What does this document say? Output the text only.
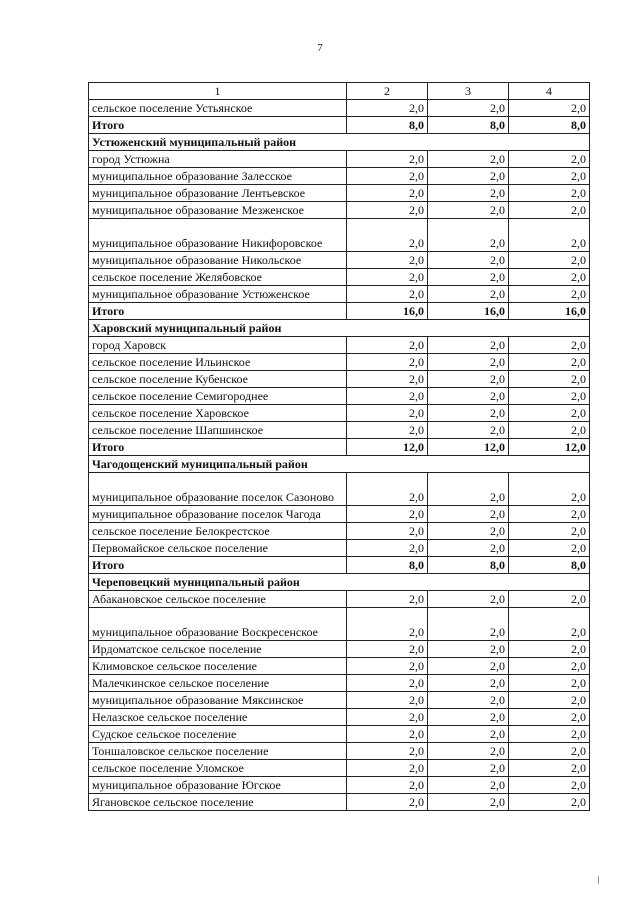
7
1	2	3	4
сельское поселение Устьянское	2,0	2,0	2,0
Итого	8,0	8,0	8,0
Устюженский муниципальный район			
город Устюжна	2,0	2,0	2,0
муниципальное образование Залесское	2,0	2,0	2,0
муниципальное образование Лентьевское	2,0	2,0	2,0
муниципальное образование Мезженское	2,0	2,0	2,0
муниципальное образование Никифоровское	2,0	2,0	2,0
муниципальное образование Никольское	2,0	2,0	2,0
сельское поселение Желябовское	2,0	2,0	2,0
муниципальное образование Устюженское	2,0	2,0	2,0
Итого	16,0	16,0	16,0
Харовский муниципальный район			
город Харовск	2,0	2,0	2,0
сельское поселение Ильинское	2,0	2,0	2,0
сельское поселение Кубенское	2,0	2,0	2,0
сельское поселение Семигороднее	2,0	2,0	2,0
сельское поселение Харовское	2,0	2,0	2,0
сельское поселение Шапшинское	2,0	2,0	2,0
Итого	12,0	12,0	12,0
Чагодощенский муниципальный район			
муниципальное образование поселок Сазоново	2,0	2,0	2,0
муниципальное образование поселок Чагода	2,0	2,0	2,0
сельское поселение Белокрестское	2,0	2,0	2,0
Первомайское сельское поселение	2,0	2,0	2,0
Итого	8,0	8,0	8,0
Череповецкий муниципальный район			
Абакановское сельское поселение	2,0	2,0	2,0
муниципальное образование Воскресенское	2,0	2,0	2,0
Ирдоматское сельское поселение	2,0	2,0	2,0
Климовское сельское поселение	2,0	2,0	2,0
Малечкинское сельское поселение	2,0	2,0	2,0
муниципальное образование Мяксинское	2,0	2,0	2,0
Нелазское сельское поселение	2,0	2,0	2,0
Судское сельское поселение	2,0	2,0	2,0
Тоншаловское сельское поселение	2,0	2,0	2,0
сельское поселение Уломское	2,0	2,0	2,0
муниципальное образование Югское	2,0	2,0	2,0
Ягановское сельское поселение	2,0	2,0	2,0
